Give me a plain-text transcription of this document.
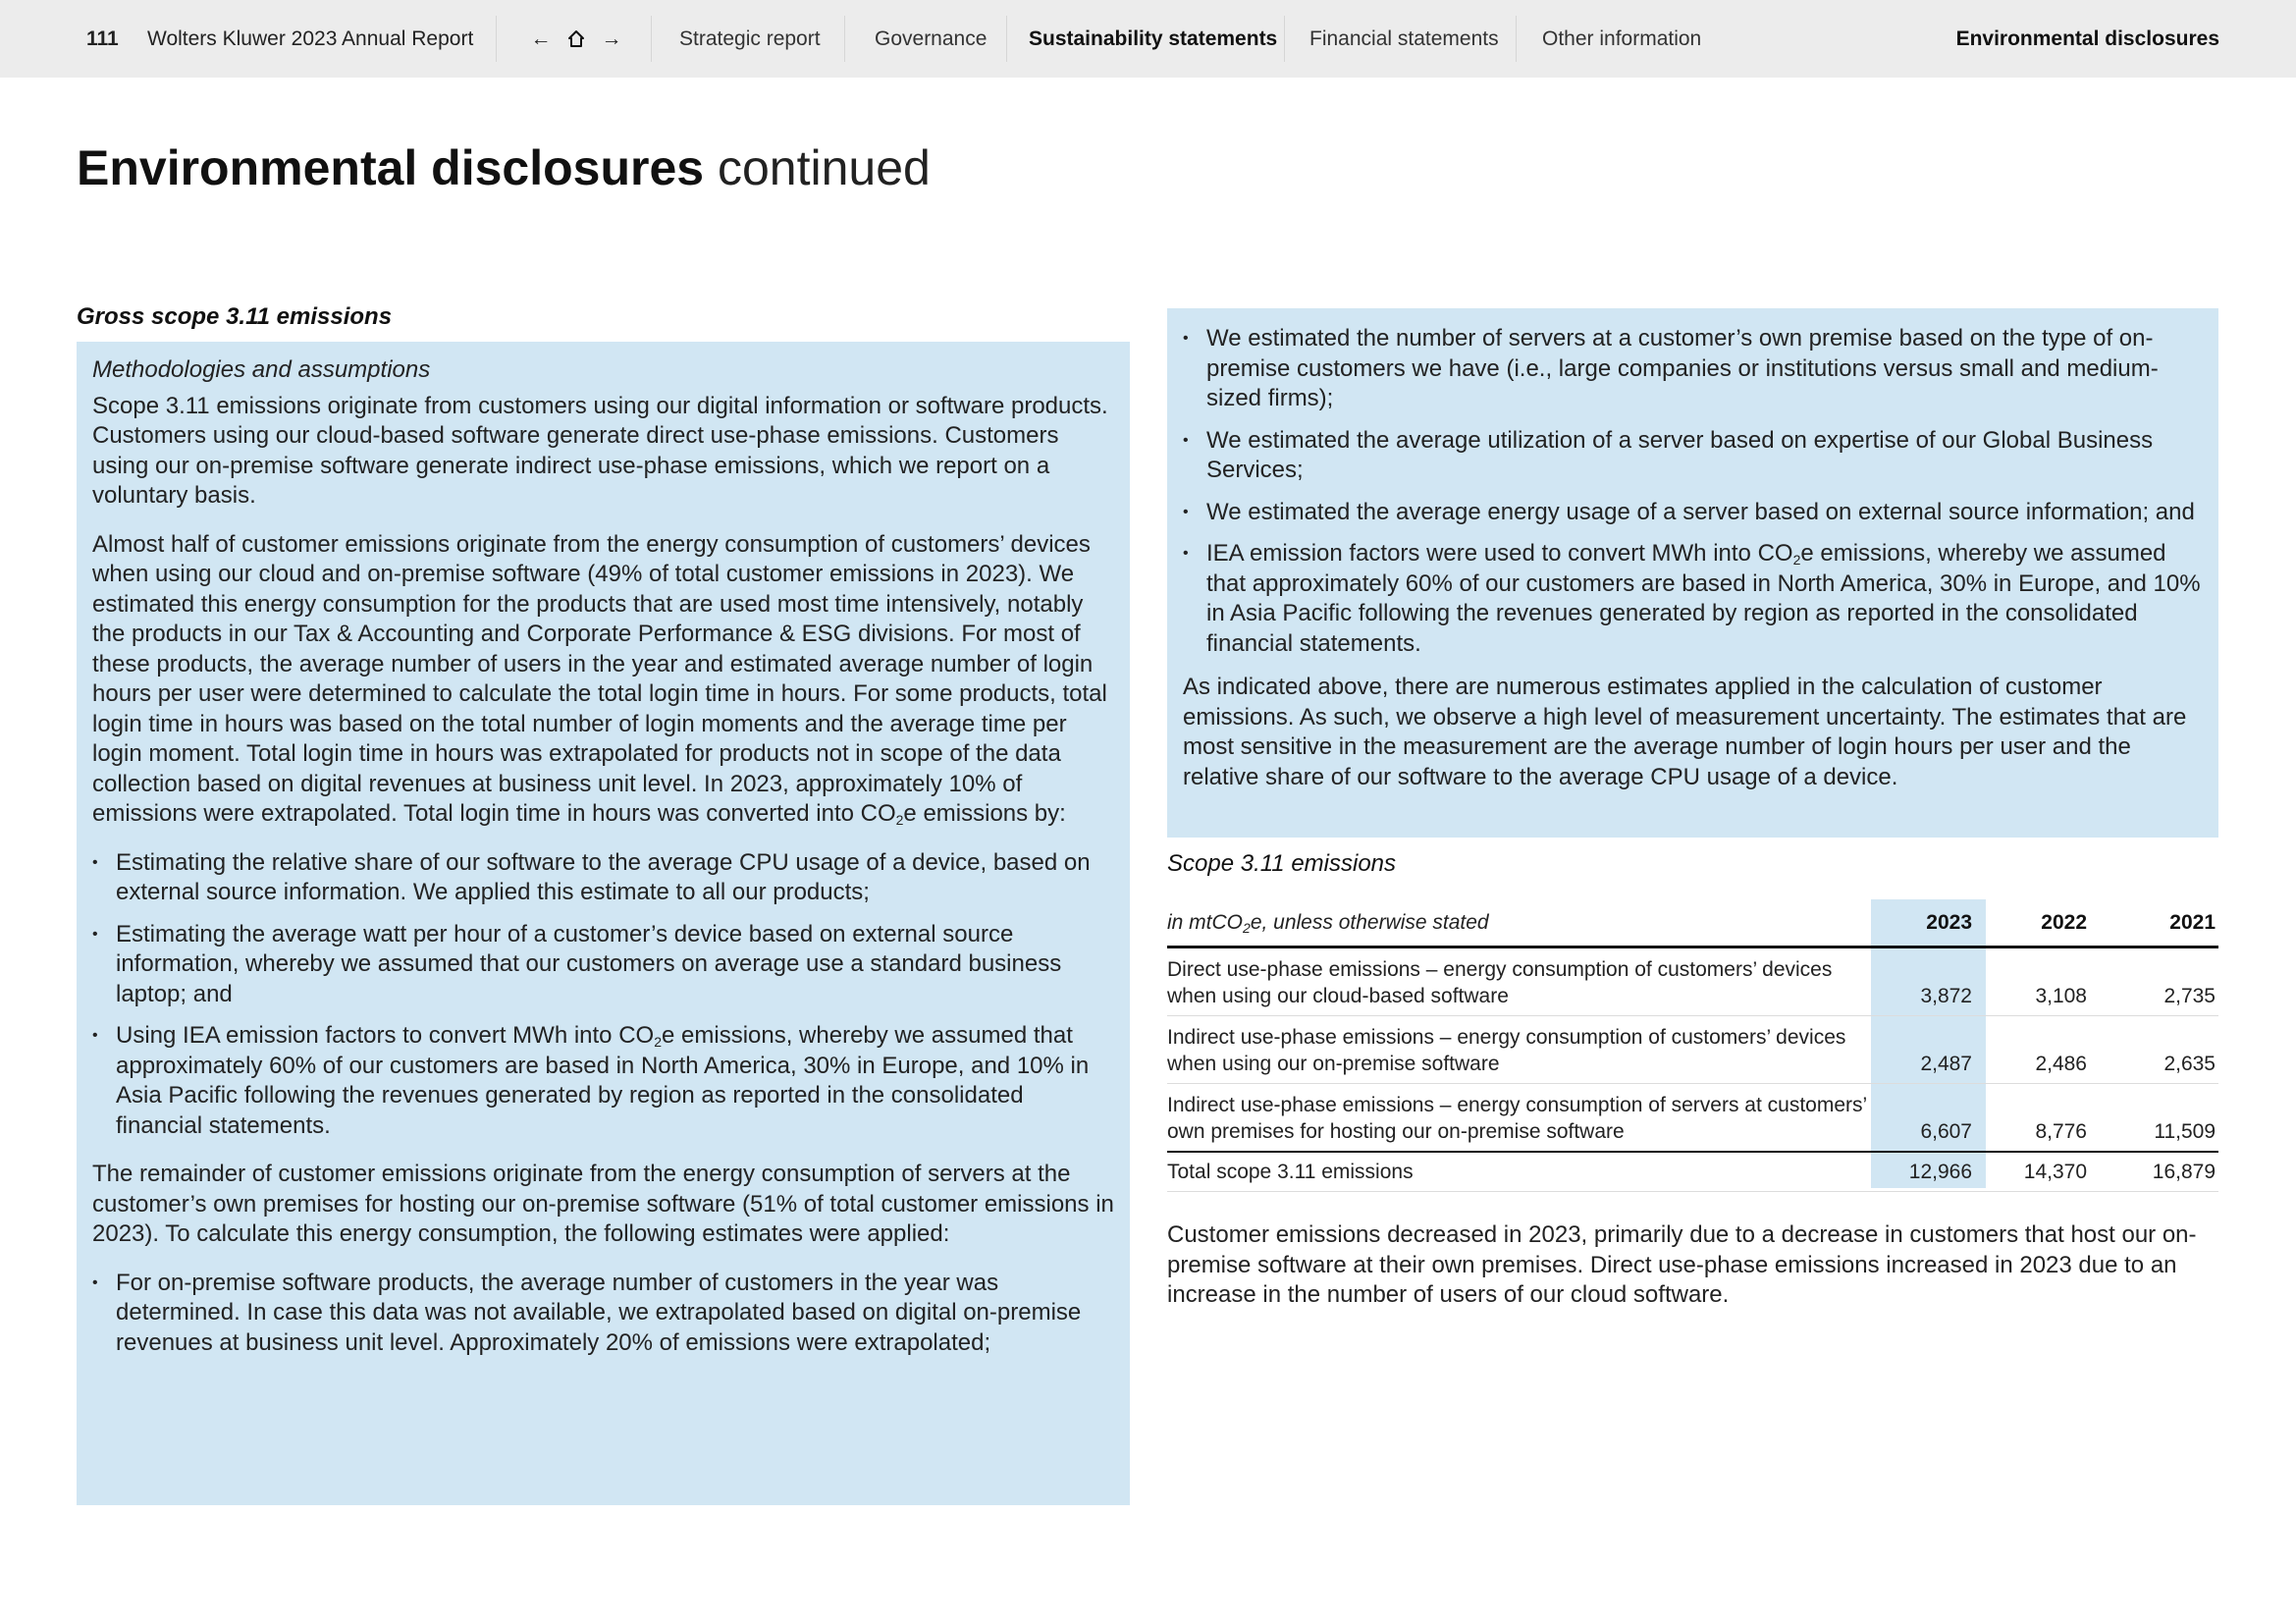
111 Wolters Kluwer 2023 Annual Report	← →	Strategic report	Governance Sustainability statements Financial statements Other information	Environmental disclosures
Environmental disclosures continued
Gross scope 3.11 emissions
Methodologies and assumptions

Scope 3.11 emissions originate from customers using our digital information or software products. Customers using our cloud-based software generate direct use-phase emissions. Customers using our on-premise software generate indirect use-phase emissions, which we report on a voluntary basis.

Almost half of customer emissions originate from the energy consumption of customers’ devices when using our cloud and on-premise software (49% of total customer emissions in 2023). We estimated this energy consumption for the products that are used most time intensively, notably the products in our Tax & Accounting and Corporate Performance & ESG divisions. For most of these products, the average number of users in the year and estimated average number of login hours per user were determined to calculate the total login time in hours. For some products, total login time in hours was based on the total number of login moments and the average time per login moment. Total login time in hours was extrapolated for products not in scope of the data collection based on digital revenues at business unit level. In 2023, approximately 10% of emissions were extrapolated. Total login time in hours was converted into $CO_2e$ emissions by:

• Estimating the relative share of our software to the average CPU usage of a device, based on external source information. We applied this estimate to all our products;
• Estimating the average watt per hour of a customer’s device based on external source information, whereby we assumed that our customers on average use a standard business laptop; and
• Using IEA emission factors to convert MWh into $CO_2e$ emissions, whereby we assumed that approximately 60% of our customers are based in North America, 30% in Europe, and 10% in Asia Pacific following the revenues generated by region as reported in the consolidated financial statements.

The remainder of customer emissions originate from the energy consumption of servers at the customer’s own premises for hosting our on-premise software (51% of total customer emissions in 2023). To calculate this energy consumption, the following estimates were applied:

• For on-premise software products, the average number of customers in the year was determined. In case this data was not available, we extrapolated based on digital on-premise revenues at business unit level. Approximately 20% of emissions were extrapolated;
• We estimated the number of servers at a customer’s own premise based on the type of on-premise customers we have (i.e., large companies or institutions versus small and medium-sized firms);
• We estimated the average utilization of a server based on expertise of our Global Business Services;
• We estimated the average energy usage of a server based on external source information; and
• IEA emission factors were used to convert MWh into $CO_2e$ emissions, whereby we assumed that approximately 60% of our customers are based in North America, 30% in Europe, and 10% in Asia Pacific following the revenues generated by region as reported in the consolidated financial statements.

As indicated above, there are numerous estimates applied in the calculation of customer emissions. As such, we observe a high level of measurement uncertainty. The estimates that are most sensitive in the measurement are the average number of login hours per user and the relative share of our software to the average CPU usage of a device.

Scope 3.11 emissions
in mtCO$_2$e, unless otherwise stated	2023	2022	2021
Direct use-phase emissions – energy consumption of customers’ devices when using our cloud-based software	3,872	3,108	2,735
Indirect use-phase emissions – energy consumption of customers’ devices when using our on-premise software	2,487	2,486	2,635
Indirect use-phase emissions – energy consumption of servers at customers’ own premises for hosting our on-premise software	6,607	8,776	11,509
Total scope 3.11 emissions	12,966	14,370	16,879

Customer emissions decreased in 2023, primarily due to a decrease in customers that host our on-premise software at their own premises. Direct use-phase emissions increased in 2023 due to an increase in the number of users of our cloud software.
